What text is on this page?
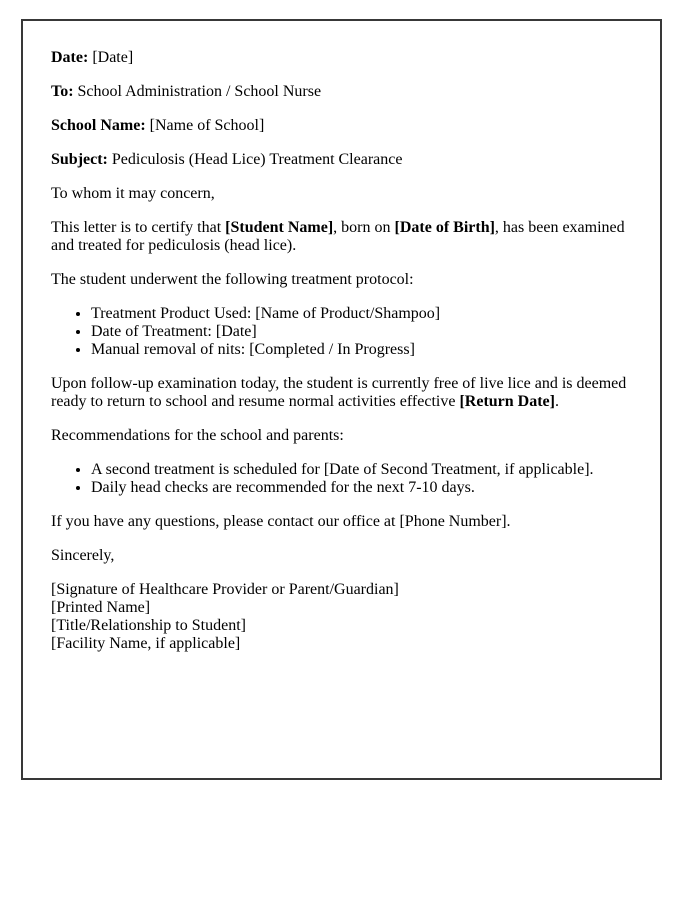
Date: [Date]

To: School Administration / School Nurse

School Name: [Name of School]

Subject: Pediculosis (Head Lice) Treatment Clearance

To whom it may concern,

This letter is to certify that [Student Name], born on [Date of Birth], has been examined and treated for pediculosis (head lice).

The student underwent the following treatment protocol:

• Treatment Product Used: [Name of Product/Shampoo]
• Date of Treatment: [Date]
• Manual removal of nits: [Completed / In Progress]

Upon follow-up examination today, the student is currently free of live lice and is deemed ready to return to school and resume normal activities effective [Return Date].

Recommendations for the school and parents:

• A second treatment is scheduled for [Date of Second Treatment, if applicable].
• Daily head checks are recommended for the next 7-10 days.

If you have any questions, please contact our office at [Phone Number].

Sincerely,

[Signature of Healthcare Provider or Parent/Guardian]
[Printed Name]
[Title/Relationship to Student]
[Facility Name, if applicable]
